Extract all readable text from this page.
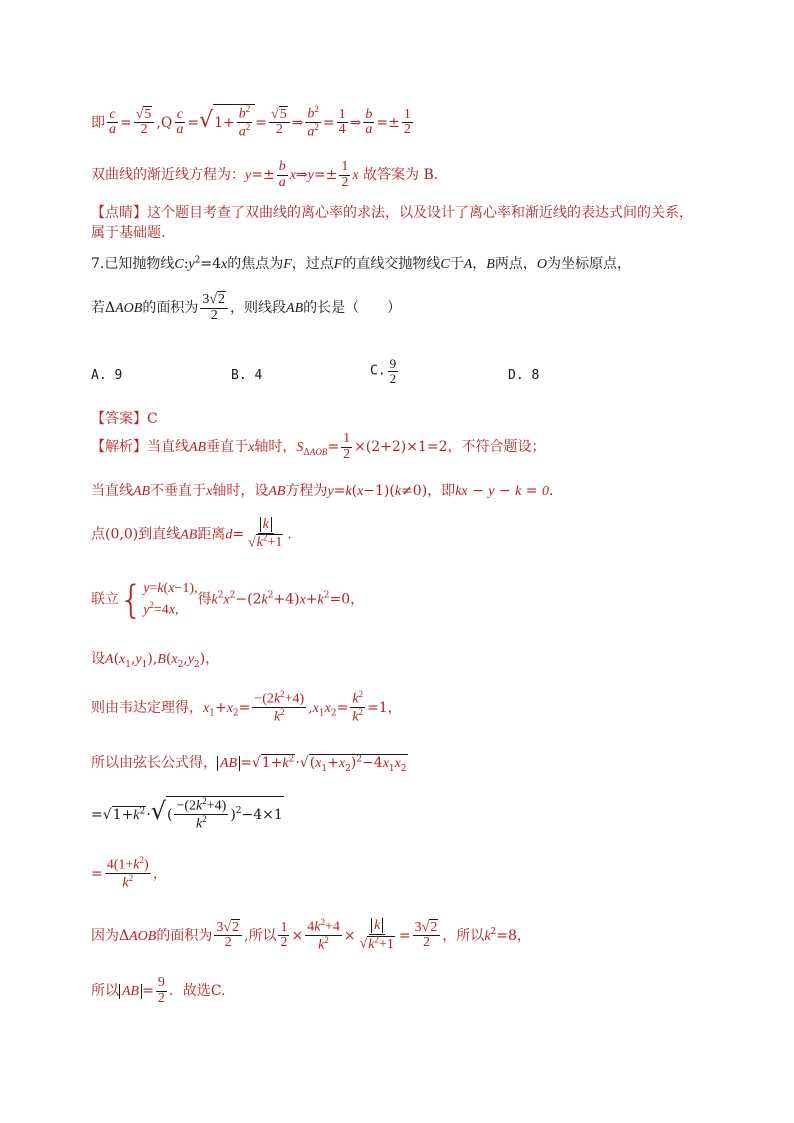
即 $\frac{c}{a} = \frac{√5}{2} ,Q \frac{c}{a} =√1+ \frac{b^2}{a^2} = \frac{√5}{2}$ ⇒ $\frac{b^2}{a^2} = \frac{1}{4}$ ⇒ $\frac{b}{a} =\pm \frac{1}{2}$
双曲线的渐近线方程为：$y=\pm \frac{b}{a}$ x⇒y=± $\frac{1}{2}$ x 故答案为 B.
【点睛】这个题目考查了双曲线的离心率的求法，以及设计了离心率和渐近线的表达式间的关系，
属于基础题.
7.已知抛物线$C:y^2=4x$的焦点为F，过点F的直线交抛物线C于A，B两点，O为坐标原点，
若ΔAOB的面积为 $\frac{3√2}{2}$ ，则线段AB的长是（　　）
A. 9	B. 4	C. $\frac{9}{2}$	D. 8
【答案】C
【解析】当直线AB垂直于x轴时，$S_{\Delta AOB}= \frac{1}{2} \times(2+2)\times 1=2$，不符合题设；
当直线AB不垂直于x轴时，设AB方程为y=k(x−1)(k≠0)，即kx − y − k = 0.
点(0,0)到直线AB距离$d= \frac{k}{√k^2+1}$ .
联立{ y=k(x−1),
$y^2=4x$,
得$k^2x^2-(2k^2+4)x+k^2=0$，
设$A(x_1,y_1),B(x_2,y_2)$，
则由韦达定理得，$x_1+x_2= \frac{-(2k^2+4)}{k^2} ,x_1x_2= \frac{k^2}{k^2} =1$，
所以由弦长公式得， AB $=√1+k^2\cdot√(x_1+x_2)^2-4x_1x_2$
$=√1+k^2\cdot√( \frac{-(2k^2+4)}{k^2} )^2-4\times 1$
= $\frac{4(1+k^2)}{k^2}$ ，
因为ΔAOB的面积为 $\frac{3√2}{2}$ ,所以 $\frac{1}{2} \times \frac{4k^2+4}{k^2} \times \frac{k}{√k^2+1} = \frac{3√2}{2}$ ，所以$k^2=8$，
所以 AB = $\frac{9}{2}$ ．故选C.
